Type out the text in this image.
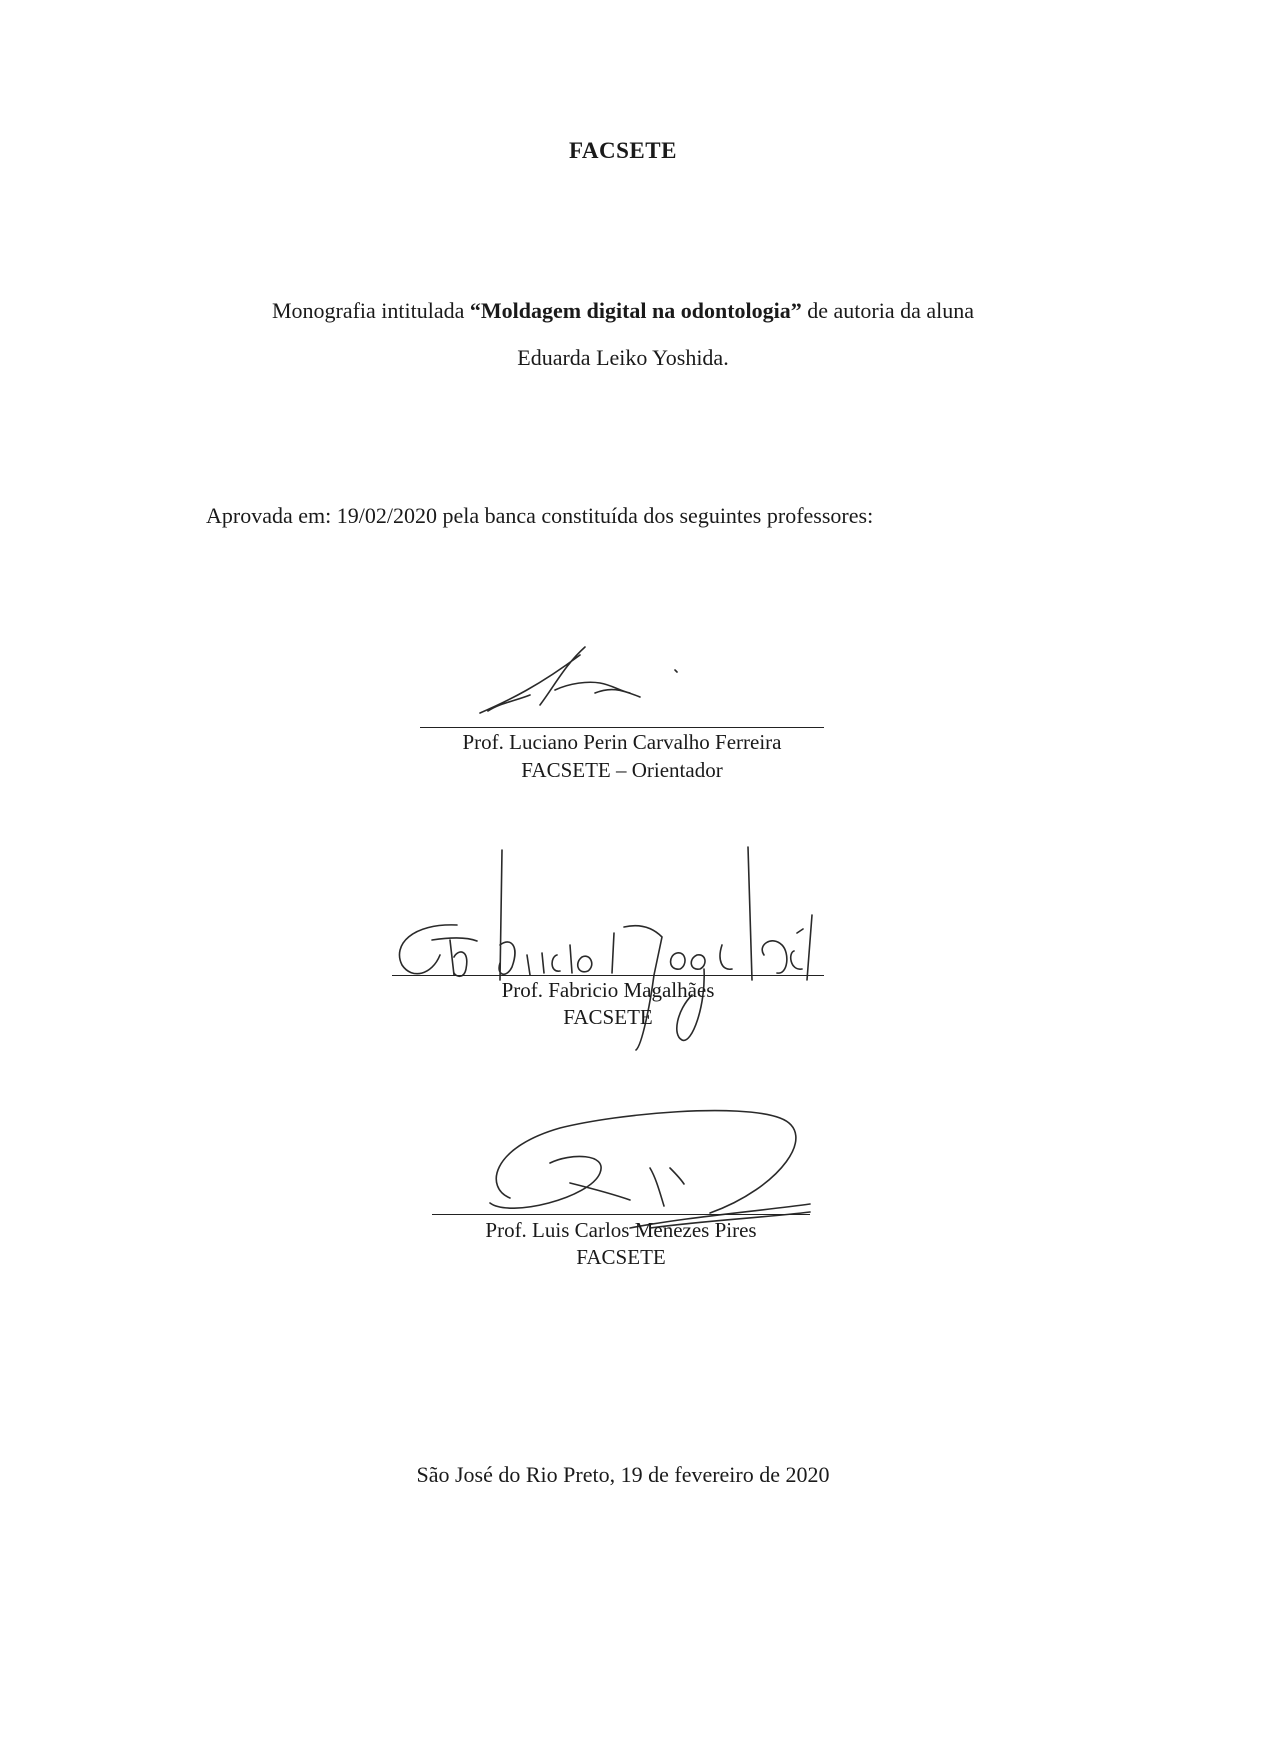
FACSETE
Monografia intitulada “Moldagem digital na odontologia” de autoria da aluna
Eduarda Leiko Yoshida.
Aprovada em: 19/02/2020 pela banca constituída dos seguintes professores:
Prof. Luciano Perin Carvalho Ferreira
FACSETE – Orientador
Prof. Fabricio Magalhães
FACSETE
Prof. Luis Carlos Menezes Pires
FACSETE
São José do Rio Preto, 19 de fevereiro de 2020
